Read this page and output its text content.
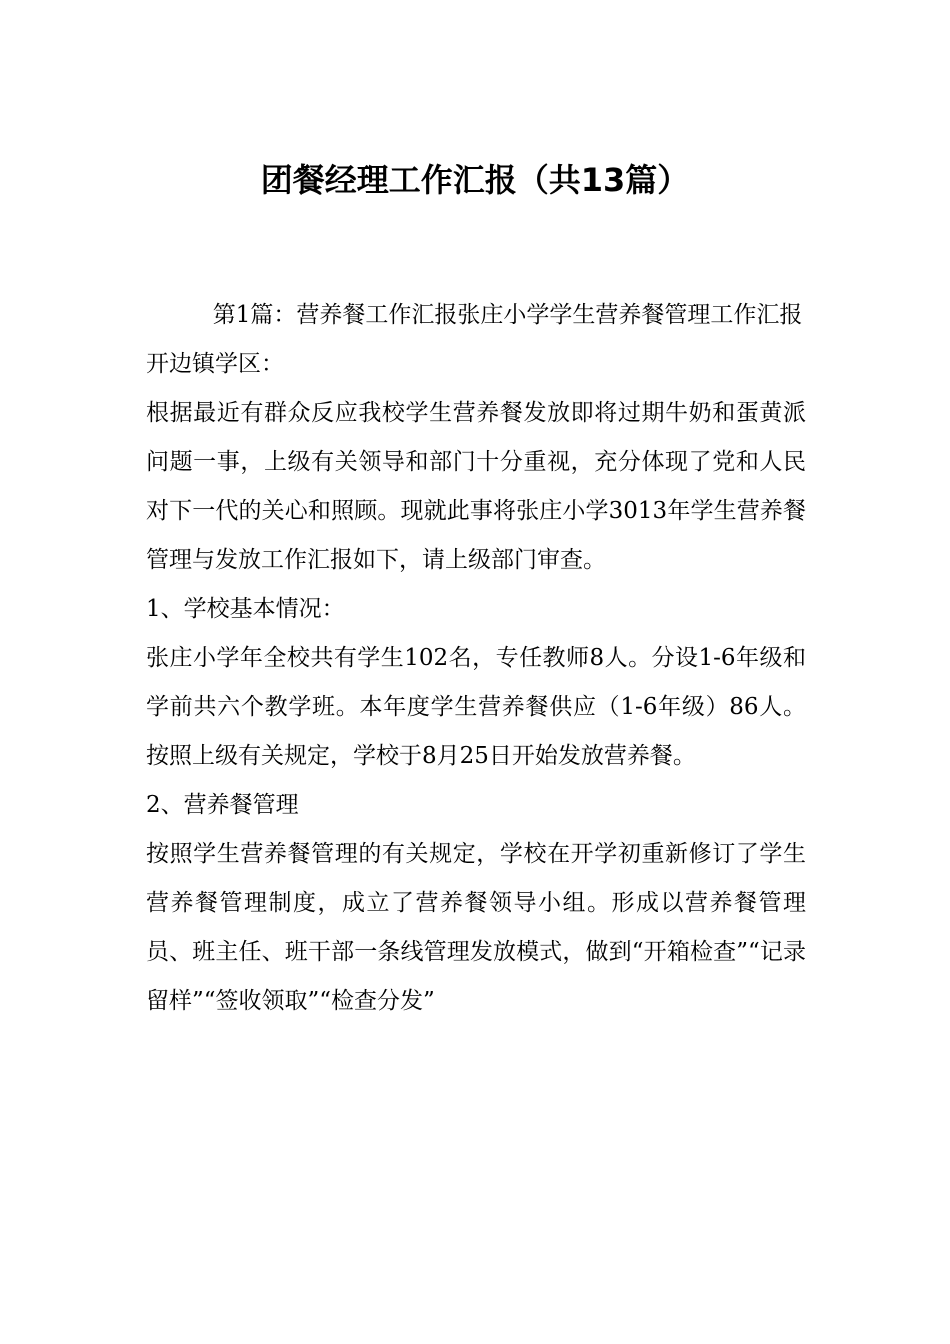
团餐经理工作汇报（共13篇）

第1篇：营养餐工作汇报张庄小学学生营养餐管理工作汇报

开边镇学区：

根据最近有群众反应我校学生营养餐发放即将过期牛奶和蛋黄派问题一事，上级有关领导和部门十分重视，充分体现了党和人民对下一代的关心和照顾。现就此事将张庄小学3013年学生营养餐管理与发放工作汇报如下，请上级部门审查。

1、学校基本情况：

张庄小学年全校共有学生102名，专任教师8人。分设1-6年级和学前共六个教学班。本年度学生营养餐供应（1-6年级）86人。按照上级有关规定，学校于8月25日开始发放营养餐。

2、营养餐管理

按照学生营养餐管理的有关规定，学校在开学初重新修订了学生营养餐管理制度，成立了营养餐领导小组。形成以营养餐管理员、班主任、班干部一条线管理发放模式，做到“开箱检查”“记录留样”“签收领取”“检查分发”
